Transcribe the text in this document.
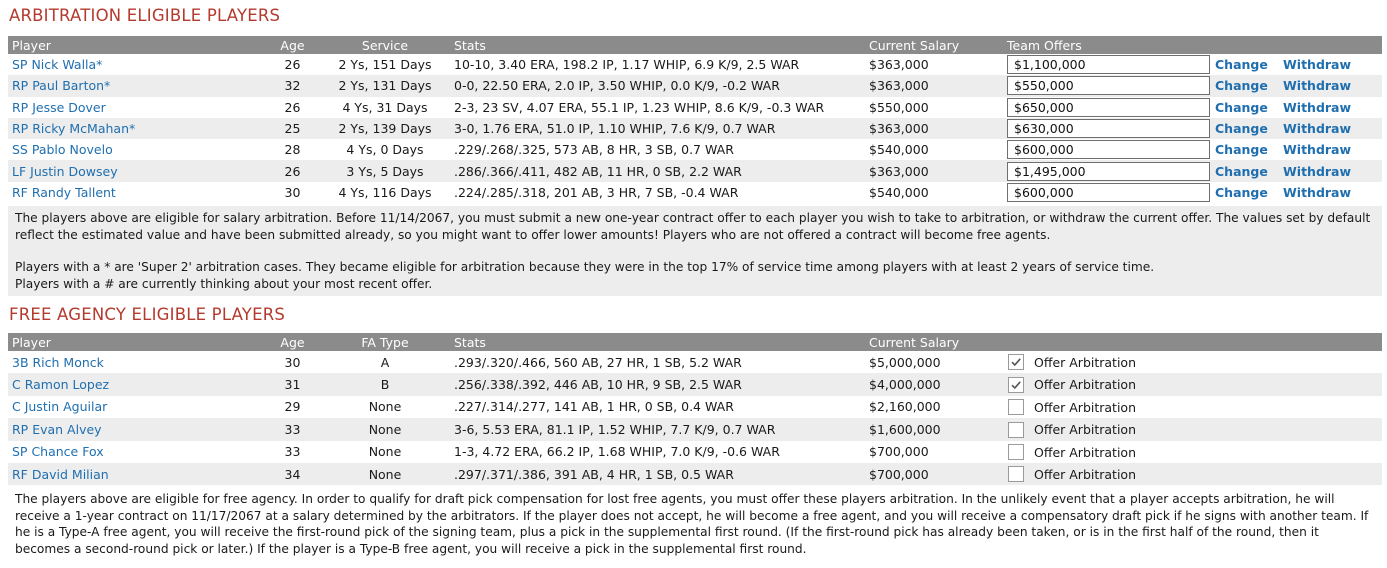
ARBITRATION ELIGIBLE PLAYERS
Player	Age	Service	Stats	Current Salary	Team Offers		
SP Nick Walla*	26	2 Ys, 151 Days	10-10, 3.40 ERA, 198.2 IP, 1.17 WHIP, 6.9 K/9, 2.5 WAR	$363,000	$1,100,000	Change	Withdraw
RP Paul Barton*	32	2 Ys, 131 Days	0-0, 22.50 ERA, 2.0 IP, 3.50 WHIP, 0.0 K/9, -0.2 WAR	$363,000	$550,000	Change	Withdraw
RP Jesse Dover	26	4 Ys, 31 Days	2-3, 23 SV, 4.07 ERA, 55.1 IP, 1.23 WHIP, 8.6 K/9, -0.3 WAR	$550,000	$650,000	Change	Withdraw
RP Ricky McMahan*	25	2 Ys, 139 Days	3-0, 1.76 ERA, 51.0 IP, 1.10 WHIP, 7.6 K/9, 0.7 WAR	$363,000	$630,000	Change	Withdraw
SS Pablo Novelo	28	4 Ys, 0 Days	.229/.268/.325, 573 AB, 8 HR, 3 SB, 0.7 WAR	$540,000	$600,000	Change	Withdraw
LF Justin Dowsey	26	3 Ys, 5 Days	.286/.366/.411, 482 AB, 11 HR, 0 SB, 2.2 WAR	$363,000	$1,495,000	Change	Withdraw
RF Randy Tallent	30	4 Ys, 116 Days	.224/.285/.318, 201 AB, 3 HR, 7 SB, -0.4 WAR	$540,000	$600,000	Change	Withdraw

The players above are eligible for salary arbitration. Before 11/14/2067, you must submit a new one-year contract offer to each player you wish to take to arbitration, or withdraw the current offer. The values set by default reflect the estimated value and have been submitted already, so you might want to offer lower amounts! Players who are not offered a contract will become free agents.

Players with a * are 'Super 2' arbitration cases. They became eligible for arbitration because they were in the top 17% of service time among players with at least 2 years of service time.

Players with a # are currently thinking about your most recent offer.

FREE AGENCY ELIGIBLE PLAYERS
Player	Age	FA Type	Stats	Current Salary	
3B Rich Monck	30	A	.293/.320/.466, 560 AB, 27 HR, 1 SB, 5.2 WAR	$5,000,000	Offer Arbitration
C Ramon Lopez	31	B	.256/.338/.392, 446 AB, 10 HR, 9 SB, 2.5 WAR	$4,000,000	Offer Arbitration
C Justin Aguilar	29	None	.227/.314/.277, 141 AB, 1 HR, 0 SB, 0.4 WAR	$2,160,000	Offer Arbitration
RP Evan Alvey	33	None	3-6, 5.53 ERA, 81.1 IP, 1.52 WHIP, 7.7 K/9, 0.7 WAR	$1,600,000	Offer Arbitration
SP Chance Fox	33	None	1-3, 4.72 ERA, 66.2 IP, 1.68 WHIP, 7.0 K/9, -0.6 WAR	$700,000	Offer Arbitration
RF David Milian	34	None	.297/.371/.386, 391 AB, 4 HR, 1 SB, 0.5 WAR	$700,000	Offer Arbitration
The players above are eligible for free agency. In order to qualify for draft pick compensation for lost free agents, you must offer these players arbitration. In the unlikely event that a player accepts arbitration, he will receive a 1-year contract on 11/17/2067 at a salary determined by the arbitrators. If the player does not accept, he will become a free agent, and you will receive a compensatory draft pick if he signs with another team. If he is a Type-A free agent, you will receive the first-round pick of the signing team, plus a pick in the supplemental first round. (If the first-round pick has already been taken, or is in the first half of the round, then it becomes a second-round pick or later.) If the player is a Type-B free agent, you will receive a pick in the supplemental first round.
